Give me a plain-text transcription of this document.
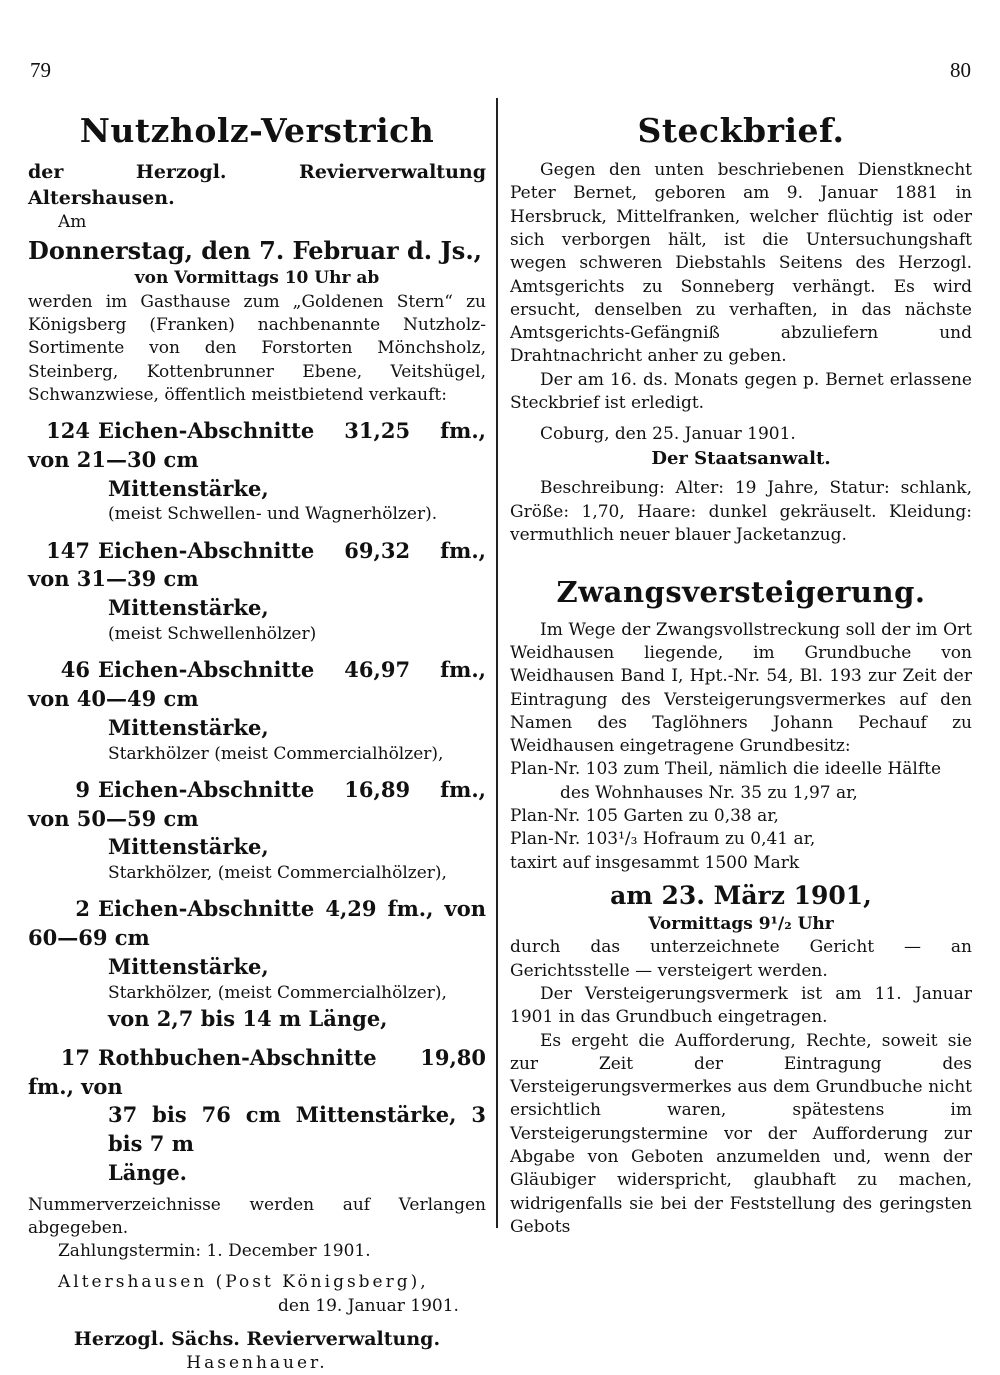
79	80
Nutzholz-Verstrich

der Herzogl. Revierverwaltung Altershausen.

Am

Donnerstag, den 7. Februar d. Js.,

von Vormittags 10 Uhr ab

werden im Gasthause zum „Goldenen Stern“ zu Königsberg (Franken) nachbenannte Nutzholz-Sortimente von den Forstorten Mönchsholz, Steinberg, Kottenbrunner Ebene, Veitshügel, Schwanzwiese, öffentlich meistbietend verkauft:

124 Eichen-Abschnitte 31,25 fm., von 21—30 cm
Mittenstärke,
(meist Schwellen- und Wagnerhölzer).
147 Eichen-Abschnitte 69,32 fm., von 31—39 cm
Mittenstärke,
(meist Schwellenhölzer)
46 Eichen-Abschnitte 46,97 fm., von 40—49 cm
Mittenstärke,
Starkhölzer (meist Commercialhölzer),
9 Eichen-Abschnitte 16,89 fm., von 50—59 cm
Mittenstärke,
Starkhölzer, (meist Commercialhölzer),
2 Eichen-Abschnitte 4,29 fm., von 60—69 cm
Mittenstärke,
Starkhölzer, (meist Commercialhölzer),
von 2,7 bis 14 m Länge,
17 Rothbuchen-Abschnitte 19,80 fm., von
37 bis 76 cm Mittenstärke, 3 bis 7 m
Länge.

Nummerverzeichnisse werden auf Verlangen abgegeben.

Zahlungstermin: 1. December 1901.

Altershausen (Post Königsberg),

den 19. Januar 1901.

Herzogl. Sächs. Revierverwaltung.

Hasenhauer.

Steckbrief.

Gegen den unten beschriebenen Dienstknecht Peter Bernet, geboren am 9. Januar 1881 in Hersbruck, Mittelfranken, welcher flüchtig ist oder sich verborgen hält, ist die Untersuchungshaft wegen schweren Diebstahls Seitens des Herzogl. Amtsgerichts zu Sonneberg verhängt. Es wird ersucht, denselben zu verhaften, in das nächste Amtsgerichts-Gefängniß abzuliefern und Drahtnachricht anher zu geben.

Der am 16. ds. Monats gegen p. Bernet erlassene Steckbrief ist erledigt.

Coburg, den 25. Januar 1901.

Der Staatsanwalt.

Beschreibung: Alter: 19 Jahre, Statur: schlank, Größe: 1,70, Haare: dunkel gekräuselt. Kleidung: vermuthlich neuer blauer Jacketanzug.

Zwangsversteigerung.

Im Wege der Zwangsvollstreckung soll der im Ort Weidhausen liegende, im Grundbuche von Weidhausen Band I, Hpt.-Nr. 54, Bl. 193 zur Zeit der Eintragung des Versteigerungsvermerkes auf den Namen des Taglöhners Johann Pechauf zu Weidhausen eingetragene Grundbesitz:

Plan-Nr. 103 zum Theil, nämlich die ideelle Hälfte

des Wohnhauses Nr. 35 zu 1,97 ar,

Plan-Nr. 105 Garten zu 0,38 ar,

Plan-Nr. 103¹/₃ Hofraum zu 0,41 ar,

taxirt auf insgesammt 1500 Mark

am 23. März 1901,

Vormittags 9¹/₂ Uhr

durch das unterzeichnete Gericht — an Gerichtsstelle — versteigert werden.

Der Versteigerungsvermerk ist am 11. Januar 1901 in das Grundbuch eingetragen.

Es ergeht die Aufforderung, Rechte, soweit sie zur Zeit der Eintragung des Versteigerungsvermerkes aus dem Grundbuche nicht ersichtlich waren, spätestens im Versteigerungstermine vor der Aufforderung zur Abgabe von Geboten anzumelden und, wenn der Gläubiger widerspricht, glaubhaft zu machen, widrigenfalls sie bei der Feststellung des geringsten Gebots
